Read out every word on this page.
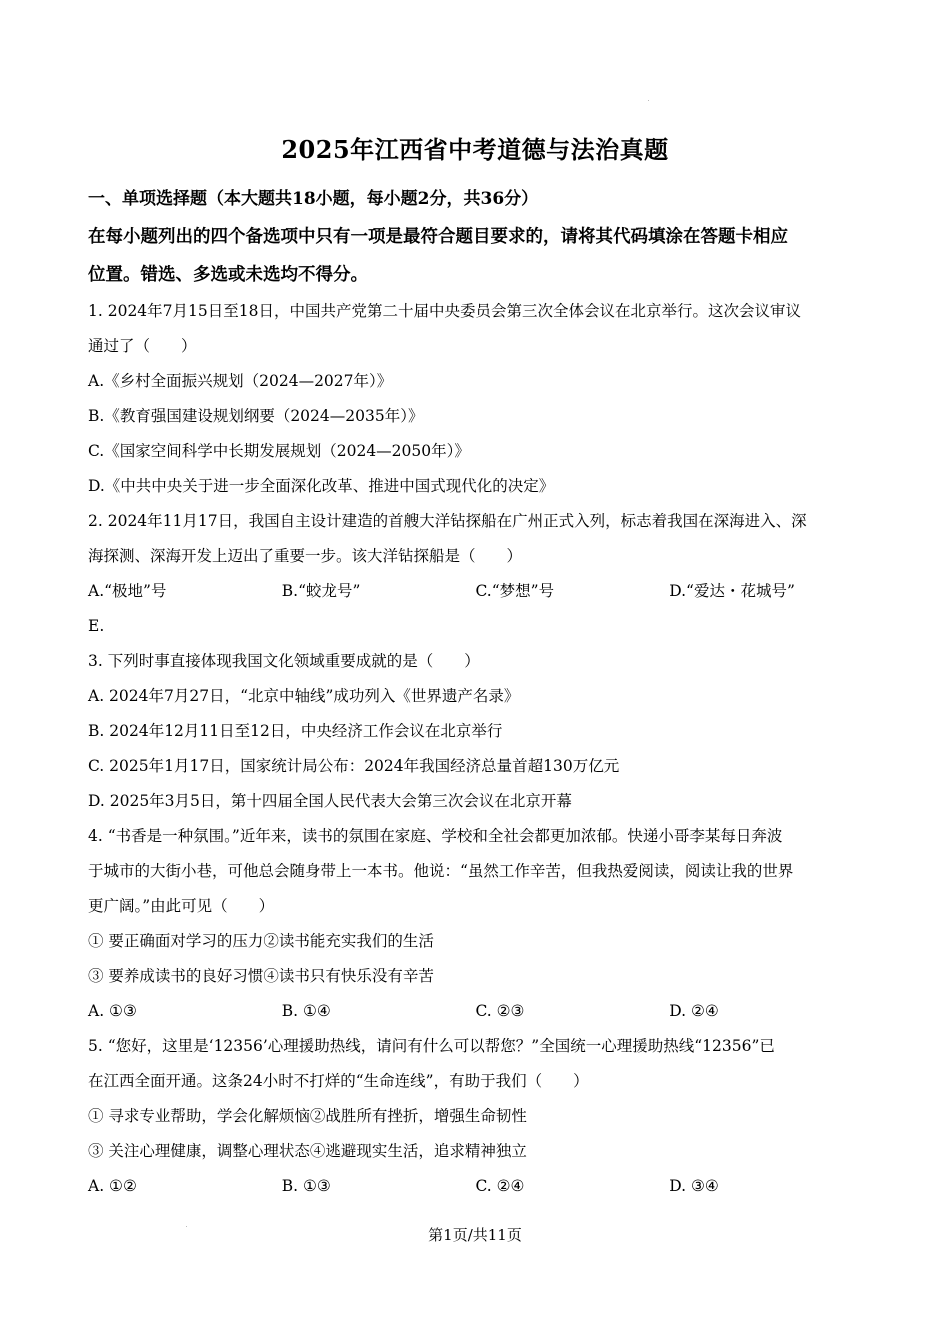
2025年江西省中考道德与法治真题
一、单项选择题（本大题共18小题，每小题2分，共36分）
在每小题列出的四个备选项中只有一项是最符合题目要求的，请将其代码填涂在答题卡相应
位置。错选、多选或未选均不得分。
1. 2024年7月15日至18日，中国共产党第二十届中央委员会第三次全体会议在北京举行。这次会议审议
通过了（　　）
A.《乡村全面振兴规划（2024—2027年）》
B.《教育强国建设规划纲要（2024—2035年）》
C.《国家空间科学中长期发展规划（2024—2050年）》
D.《中共中央关于进一步全面深化改革、推进中国式现代化的决定》
2. 2024年11月17日，我国自主设计建造的首艘大洋钻探船在广州正式入列，标志着我国在深海进入、深
海探测、深海开发上迈出了重要一步。该大洋钻探船是（　　）
A.“极地”号	B.“蛟龙号”	C.“梦想”号	D.“爱达・花城号”
E.
3. 下列时事直接体现我国文化领域重要成就的是（　　）
A. 2024年7月27日，“北京中轴线”成功列入《世界遗产名录》
B. 2024年12月11日至12日，中央经济工作会议在北京举行
C. 2025年1月17日，国家统计局公布：2024年我国经济总量首超130万亿元
D. 2025年3月5日，第十四届全国人民代表大会第三次会议在北京开幕
4. “书香是一种氛围。”近年来，读书的氛围在家庭、学校和全社会都更加浓郁。快递小哥李某每日奔波
于城市的大街小巷，可他总会随身带上一本书。他说：“虽然工作辛苦，但我热爱阅读，阅读让我的世界
更广阔。”由此可见（　　）
① 要正确面对学习的压力②读书能充实我们的生活
③ 要养成读书的良好习惯④读书只有快乐没有辛苦
A. ①③	B. ①④	C. ②③	D. ②④
5. “您好，这里是‘12356’心理援助热线，请问有什么可以帮您？”全国统一心理援助热线“12356”已
在江西全面开通。这条24小时不打烊的“生命连线”，有助于我们（　　）
① 寻求专业帮助，学会化解烦恼②战胜所有挫折，增强生命韧性
③ 关注心理健康，调整心理状态④逃避现实生活，追求精神独立
A. ①②	B. ①③	C. ②④	D. ③④
第1页/共11页
